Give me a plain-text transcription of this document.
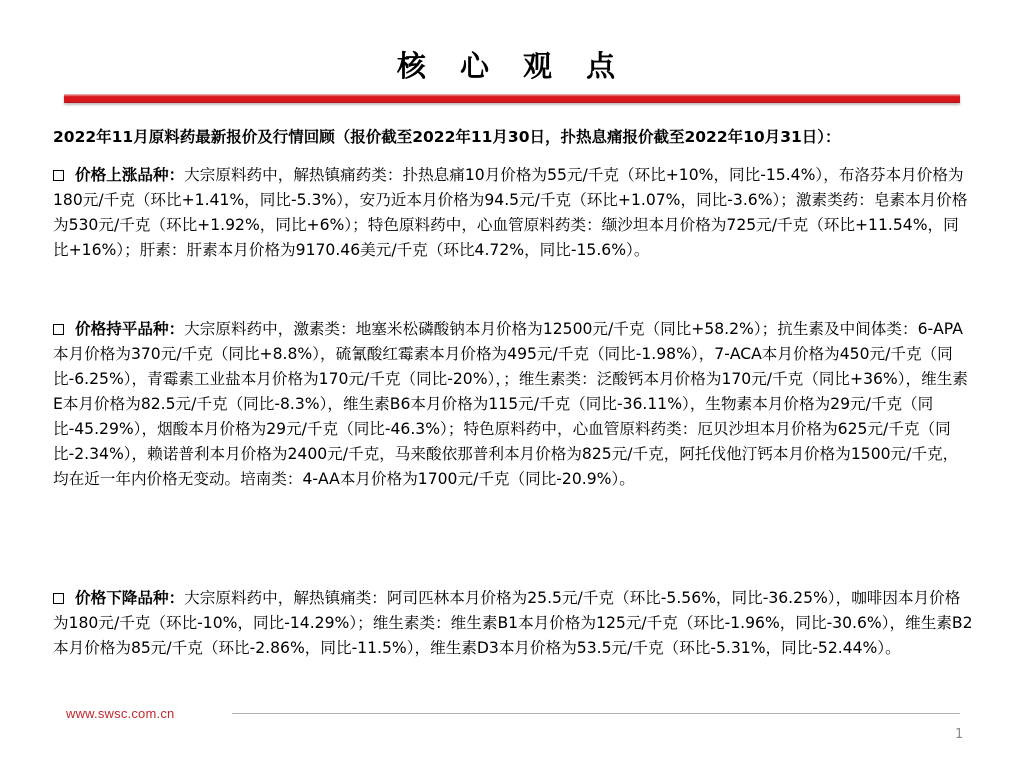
核 心 观 点
2022年11月原料药最新报价及行情回顾（报价截至2022年11月30日，扑热息痛报价截至2022年10月31日）：
价格上涨品种：大宗原料药中，解热镇痛药类：扑热息痛10月价格为55元/千克（环比+10%，同比-15.4%），布洛芬本月价格为180元/千克（环比+1.41%，同比-5.3%），安乃近本月价格为94.5元/千克（环比+1.07%，同比-3.6%）；激素类药：皂素本月价格为530元/千克（环比+1.92%，同比+6%）；特色原料药中，心血管原料药类：缬沙坦本月价格为725元/千克（环比+11.54%，同比+16%）；肝素：肝素本月价格为9170.46美元/千克（环比4.72%，同比-15.6%）。
价格持平品种：大宗原料药中，激素类：地塞米松磷酸钠本月价格为12500元/千克（同比+58.2%）；抗生素及中间体类：6-APA本月价格为370元/千克（同比+8.8%），硫氰酸红霉素本月价格为495元/千克（同比-1.98%），7-ACA本月价格为450元/千克（同比-6.25%），青霉素工业盐本月价格为170元/千克（同比-20%），；维生素类：泛酸钙本月价格为170元/千克（同比+36%），维生素E本月价格为82.5元/千克（同比-8.3%），维生素B6本月价格为115元/千克（同比-36.11%），生物素本月价格为29元/千克（同比-45.29%），烟酸本月价格为29元/千克（同比-46.3%）；特色原料药中，心血管原料药类：厄贝沙坦本月价格为625元/千克（同比-2.34%），赖诺普利本月价格为2400元/千克，马来酸依那普利本月价格为825元/千克，阿托伐他汀钙本月价格为1500元/千克，均在近一年内价格无变动。培南类：4-AA本月价格为1700元/千克（同比-20.9%）。
价格下降品种：大宗原料药中，解热镇痛类：阿司匹林本月价格为25.5元/千克（环比-5.56%，同比-36.25%），咖啡因本月价格为180元/千克（环比-10%，同比-14.29%）；维生素类：维生素B1本月价格为125元/千克（环比-1.96%，同比-30.6%），维生素B2本月价格为85元/千克（环比-2.86%，同比-11.5%），维生素D3本月价格为53.5元/千克（环比-5.31%，同比-52.44%）。
www.swsc.com.cn
1
